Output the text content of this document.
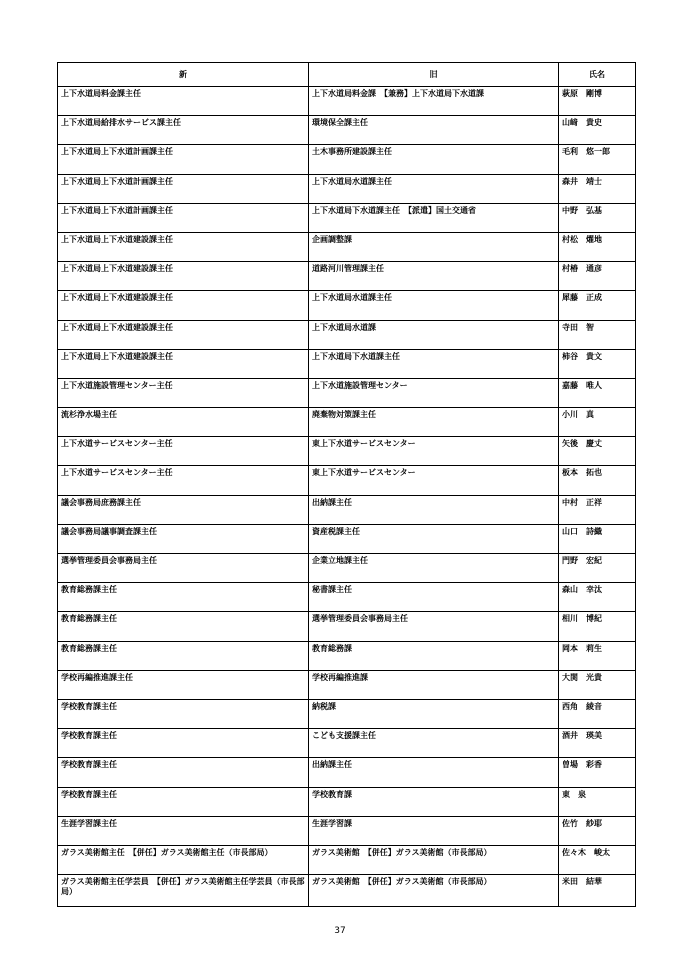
新	旧	氏名
上下水道局料金課主任	上下水道局料金課　【兼務】上下水道局下水道課	萩原　剛博
上下水道局給排水サービス課主任	環境保全課主任	山﨑　貴史
上下水道局上下水道計画課主任	土木事務所建設課主任	毛利　悠一郎
上下水道局上下水道計画課主任	上下水道局水道課主任	森井　靖士
上下水道局上下水道計画課主任	上下水道局下水道課主任　【派遣】国土交通省	中野　弘基
上下水道局上下水道建設課主任	企画調整課	村松　燿地
上下水道局上下水道建設課主任	道路河川管理課主任	村椿　通彦
上下水道局上下水道建設課主任	上下水道局水道課主任	犀藤　正成
上下水道局上下水道建設課主任	上下水道局水道課	寺田　智
上下水道局上下水道建設課主任	上下水道局下水道課主任	柿谷　貴文
上下水道施設管理センター主任	上下水道施設管理センター	嘉藤　唯人
流杉浄水場主任	廃棄物対策課主任	小川　真
上下水道サービスセンター主任	東上下水道サービスセンター	矢後　慶丈
上下水道サービスセンター主任	東上下水道サービスセンター	板本　拓也
議会事務局庶務課主任	出納課主任	中村　正祥
議会事務局議事調査課主任	資産税課主任	山口　詩織
選挙管理委員会事務局主任	企業立地課主任	門野　宏紀
教育総務課主任	秘書課主任	森山　幸汰
教育総務課主任	選挙管理委員会事務局主任	相川　博紀
教育総務課主任	教育総務課	岡本　莉生
学校再編推進課主任	学校再編推進課	大関　光貴
学校教育課主任	納税課	西角　綾音
学校教育課主任	こども支援課主任	酒井　瑛美
学校教育課主任	出納課主任	曽場　彩香
学校教育課主任	学校教育課	東　泉
生涯学習課主任	生涯学習課	佐竹　紗耶
ガラス美術館主任　【併任】ガラス美術館主任（市長部局）	ガラス美術館　【併任】ガラス美術館（市長部局）	佐々木　峻太
ガラス美術館主任学芸員　【併任】ガラス美術館主任学芸員（市長部局）	ガラス美術館　【併任】ガラス美術館（市長部局）	米田　結華
37
